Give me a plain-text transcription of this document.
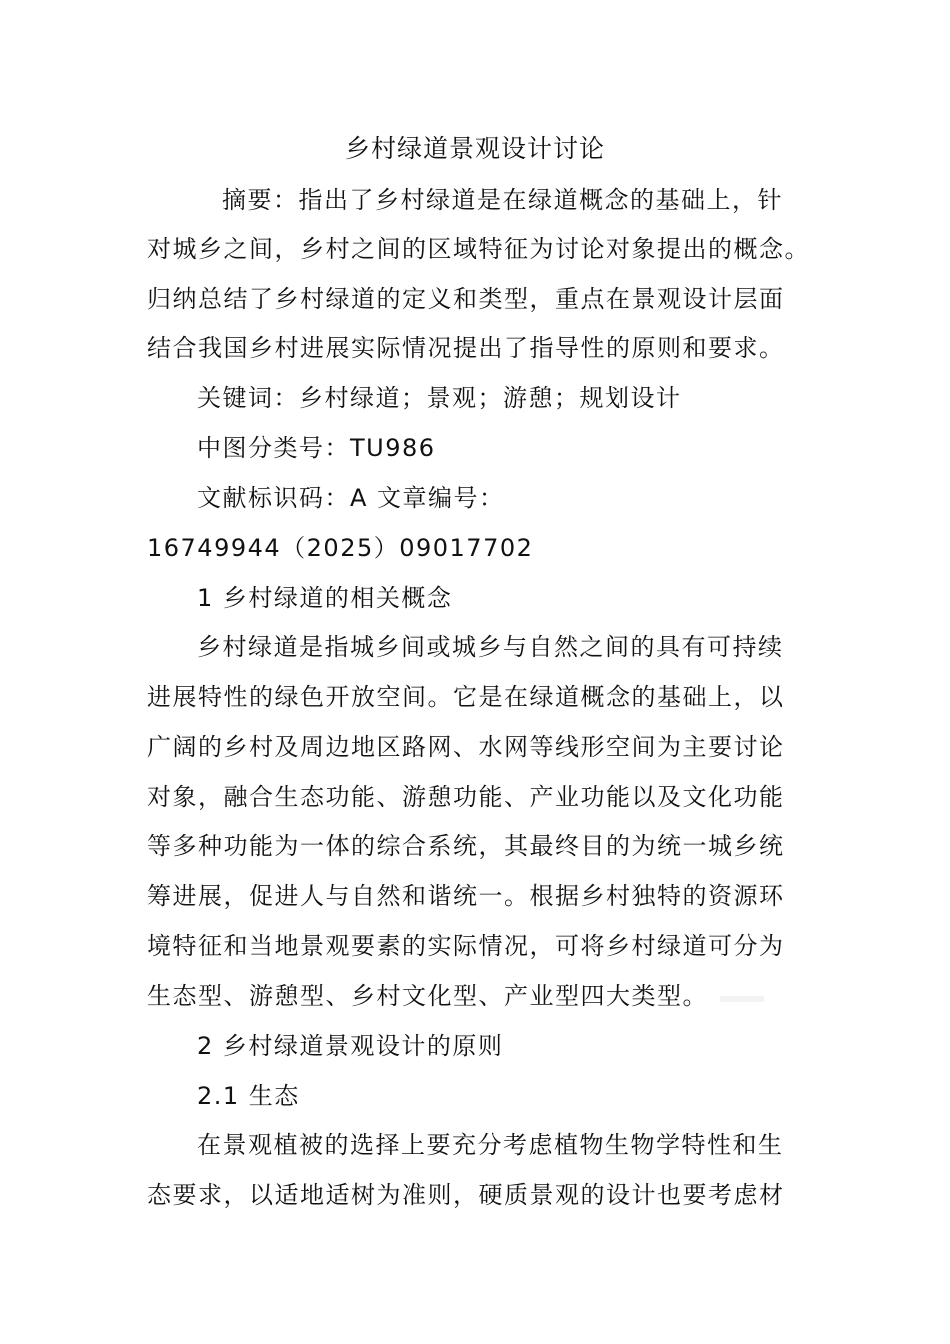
乡村绿道景观设计讨论
摘要：指出了乡村绿道是在绿道概念的基础上，针
对城乡之间，乡村之间的区域特征为讨论对象提出的概念。
归纳总结了乡村绿道的定义和类型，重点在景观设计层面
结合我国乡村进展实际情况提出了指导性的原则和要求。
关键词：乡村绿道；景观；游憩；规划设计
中图分类号：TU986
文献标识码：A 文章编号：
16749944（2025）09017702
1 乡村绿道的相关概念
乡村绿道是指城乡间或城乡与自然之间的具有可持续
进展特性的绿色开放空间。它是在绿道概念的基础上，以
广阔的乡村及周边地区路网、水网等线形空间为主要讨论
对象，融合生态功能、游憩功能、产业功能以及文化功能
等多种功能为一体的综合系统，其最终目的为统一城乡统
筹进展，促进人与自然和谐统一。根据乡村独特的资源环
境特征和当地景观要素的实际情况，可将乡村绿道可分为
生态型、游憩型、乡村文化型、产业型四大类型。
2 乡村绿道景观设计的原则
2.1 生态
在景观植被的选择上要充分考虑植物生物学特性和生
态要求，以适地适树为准则，硬质景观的设计也要考虑材
